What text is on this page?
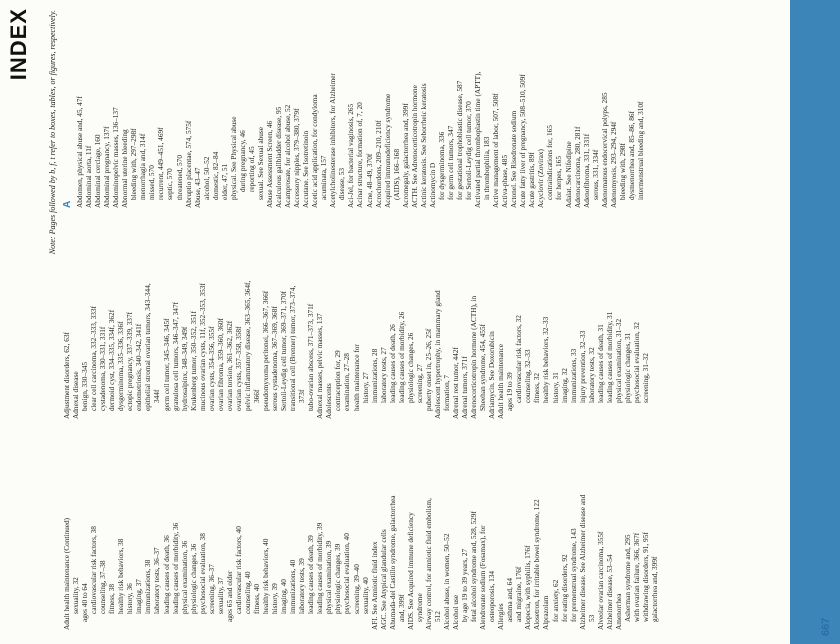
INDEX Note: Pages followed by b, f, t refer to boxes, tables, or figures, respectively. A Abdomen, physical abuse and, 45, 47f Abdominal aorta, 11f Abdominal cerclage, 160 Abdominal pregnancy, 137f Abdominopelvic masses, 136–137 Abnormal uterine bleeding bleeding with, 297–298f menorrhagia and, 314f missed, 570 recurrent, 449–451, 469f septic, 570 threatened, 570 Abruptio placentae, 574, 575f Abuse, 43–47 alcohol, 50–52 domestic, 82–84 elder, 47, 51 physical. See Physical abuse during pregnancy, 46 reporting of, 45 sexual. See Sexual abuse Abuse Assessment Screen, 46 Acalculous gallbladder disease, 95 Acamprosate, for alcohol abuse, 52 Accessory nipples, 379–380, 379f Accutane. See Isotretinoin Acetic acid application, for condyloma acuminata, 157 Acetylcholinesterase inhibitors, for Alzheimer disease, 53 Aci-Jel, for bacterial vaginosis, 265 Acinar structure, formation of, 7, 20 Acne, 48–49, 370f Acrochordons, 209–210, 210f Acquired immunodeficiency syndrome (AIDS), 166–168 Acromegaly, galactorrhea and, 399f ACTH. See Adrenocorticotropin hormone Actinic keratosis. See Seborrheic keratosis Actinomycin D for dysgerminoma, 336 for germ cell tumors, 347 for gestational trophoblastic disease, 587 for Sertoli-Leydig cell tumor, 370 Activated partial thromboplastin time (APTT), in thrombophilia, 183 Active management of labor, 507, 508f Activa-phase, 485 Actonel. See Risedronate sodium Acute fatty liver of pregnancy, 508–510, 509f Acute gastritis, 89f Acyclovir (Zovirax) contraindications for, 165 for herpes, 165 Adalat. See Nifedipine Adenocarcinoma, 280, 281f Adenofibroma, 331, 331f serous, 331, 334f Adenomatous endocervical polyps, 285 Adenomyosis, 293–294, 294f bleeding with, 298f dysmenorrhea and, 85–86, 86f intermenstrual bleeding and, 310f
Adjustment disorders, 62, 63f Adnexal disease benign, 330–345 clear cell carcinoma, 332–333, 333f cystadenoma, 330–331, 331f dermoid cyst, 334–335, 334f, 362f dysgerminoma, 335–336, 336f ectopic pregnancy, 337–339, 337f endometriosis, 340–342, 341f epithelial stromal ovarian tumors, 343–344, 344f germ cell tumor, 345–346, 345f granulosa cell tumors, 346–347, 347f hydrosalpinx, 348–349, 349f Krukenberg tumor, 350–352, 351f mucinous ovarian cysts, 11f, 352–353, 353f ovarian cysts, 354–356, 355f ovarian fibroma, 359–360, 360f ovarian torsion, 361–362, 362f ovarian cysts, 357–358, 358f pelvic inflammatory disease, 363–365, 364f, 366f pseudomyxoma peritonei, 366–367, 366f serous cystadenoma, 367–369, 368f Sertoli-Leydig cell tumor, 369–371, 370f transitional cell (Brenner) tumor, 373–374, 373f tubo-ovarian abscess, 371–373, 371f Adnexal masses, pelvic masses, 137 Adolescents contraception for, 29 examination, 27–28 health maintenance for history, 27 immunizations, 28 laboratory tests, 27 leading causes of death, 26 leading causes of morbidity, 26 physiologic changes, 26 screening, 27 puberty onset in, 25–26, 25f Adolescent hypertrophy, in mammary gland formation, 7 Adrenal rest tumor, 442f Adrenal tumors, 371f Adrenocorticotropin hormone (ACTH), in Sheehan syndrome, 454, 455f Adriamycin. See Doxorubicin Adult health maintenance ages 19 to 39 cardiovascular risk factors, 32 counseling, 32–33 fitness, 32 healthy risk behaviors, 32–33 history, 31 imaging, 32 immunizations, 33 injury prevention, 32–33 laboratory tests, 32 leading causes of death, 31 leading causes of morbidity, 31 physical examination, 31–32 physiologic changes, 31 psychosocial evaluation, 32 screening, 31–32
Adult health maintenance (Continued) sexuality, 32 ages 40 to 64 cardiovascular risk factors, 38 counseling, 37–38 fitness, 38 healthy risk behaviors, 38 history, 36 imaging, 37 immunizations, 38 laboratory tests, 36–37 leading causes of death, 36 leading causes of morbidity, 36 physical examination, 36 physiologic changes, 36 psychosocial evaluation, 38 screening, 36–37 sexuality, 37 ages 65 and older cardiovascular risk factors, 40 counseling, 40 fitness, 40 healthy risk behaviors, 40 history, 39 imaging, 40 immunizations, 40 laboratory tests, 39 leading causes of death, 39 leading causes of morbidity, 39 physical examination, 39 physiologic changes, 39 psychosocial evaluation, 40 screening, 39–40 sexuality, 40 AFI. See Amniotic fluid index AGC. See Atypical glandular cells Ahumada-del Castillo syndrome, galactorrhea and, 399f AIDS. See Acquired immune deficiency syndrome Airway control, for amniotic fluid embolism, 512 Alcohol abuse, in women, 50–52 Alcohol use by age 19 to 39 years, 27 fetal alcohol syndrome and, 528, 529f Alendronate sodium (Fosamax), for osteoporosis, 134 Allergies asthma and, 64 and migraine, 176f Alopecia, with syphilis, 176f Alosetron, for irritable bowel syndrome, 122 Alprazolam for anxiety, 62 for eating disorders, 92 for premenstrual syndrome, 143 Alzheimer disease. See Alzheimer disease and 53 Alveolar ovarian carcinoma, 355f Alzheimer disease, 53–54 Amenorrhea Asherman syndrome and, 295 with ovarian failure, 366, 367f withdrawing disorders, 91, 95f galactorrhea and, 399f
667
